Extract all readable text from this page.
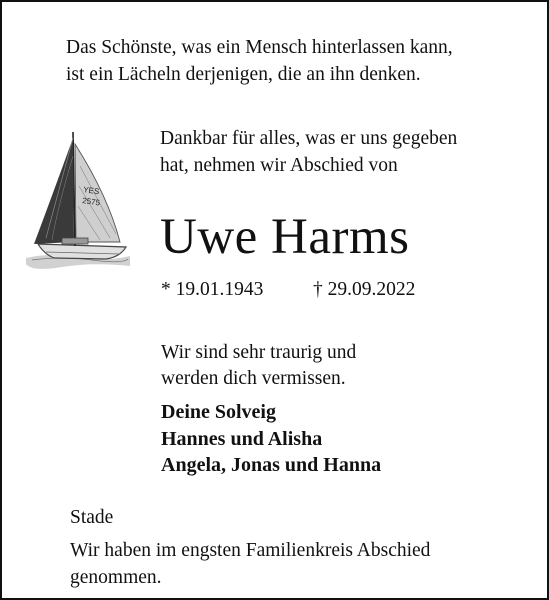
Das Schönste, was ein Mensch hinterlassen kann,
ist ein Lächeln derjenigen, die an ihn denken.
YES
2575
Dankbar für alles, was er uns gegeben
hat, nehmen wir Abschied von
Uwe Harms
* 19.01.1943	† 29.09.2022
Wir sind sehr traurig und
werden dich vermissen.
Deine Solveig
Hannes und Alisha
Angela, Jonas und Hanna
Stade
Wir haben im engsten Familienkreis Abschied
genommen.
